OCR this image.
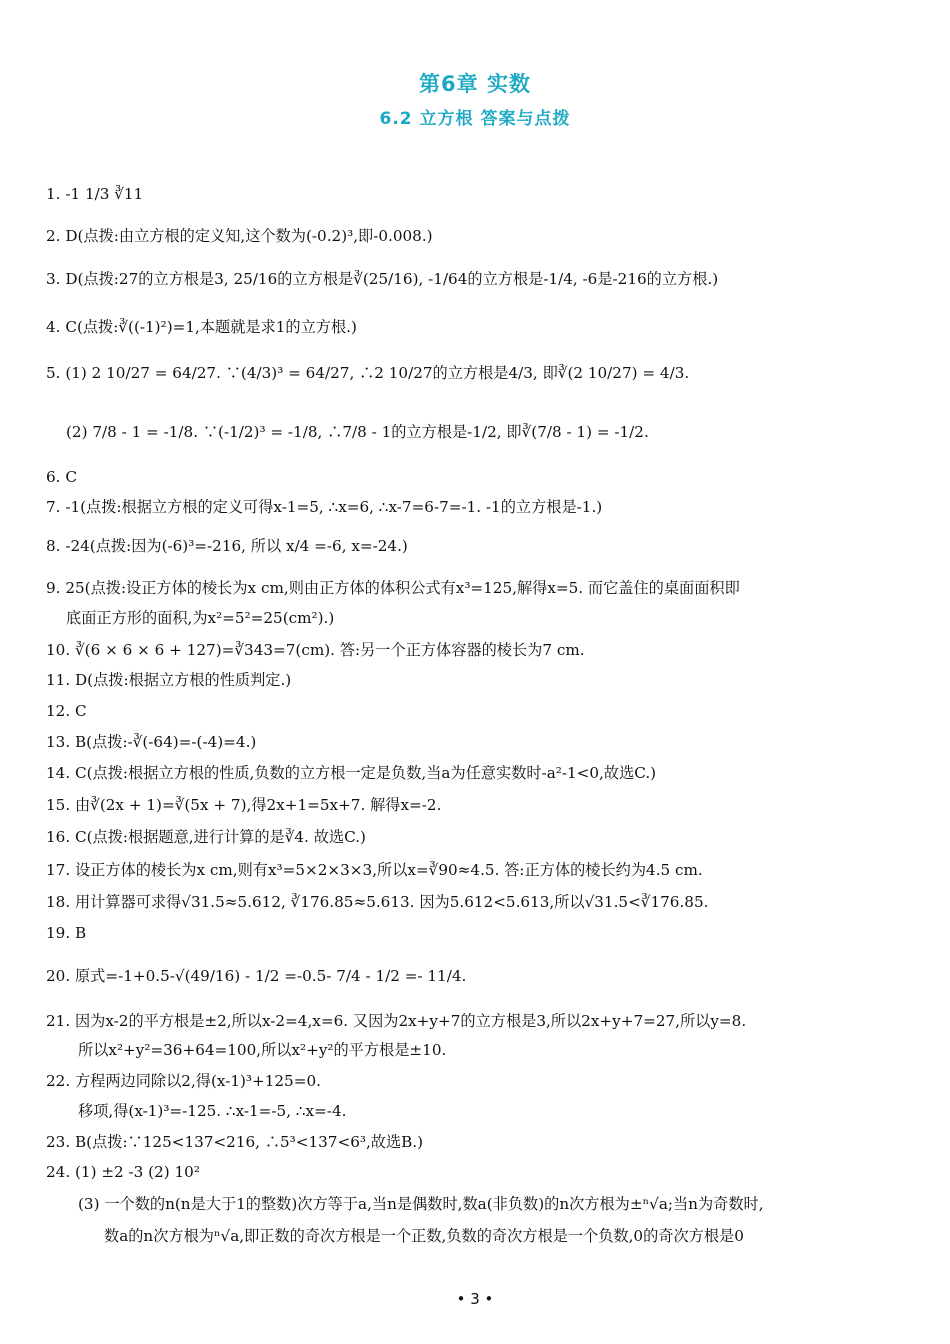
第6章 实数
6.2 立方根 答案与点拨
1. -1 1/3 ∛11
2. D(点拨:由立方根的定义知,这个数为(-0.2)³,即-0.008.)
3. D(点拨:27的立方根是3, 25/16的立方根是∛(25/16), -1/64的立方根是-1/4, -6是-216的立方根.)
4. C(点拨:∛((-1)²)=1,本题就是求1的立方根.)
5. (1) 2 10/27 = 64/27. ∵(4/3)³ = 64/27, ∴2 10/27的立方根是4/3, 即∛(2 10/27) = 4/3.
(2) 7/8 - 1 = -1/8. ∵(-1/2)³ = -1/8, ∴7/8 - 1的立方根是-1/2, 即∛(7/8 - 1) = -1/2.
6. C
7. -1(点拨:根据立方根的定义可得x-1=5, ∴x=6, ∴x-7=6-7=-1. -1的立方根是-1.)
8. -24(点拨:因为(-6)³=-216, 所以 x/4 =-6, x=-24.)
9. 25(点拨:设正方体的棱长为x cm,则由正方体的体积公式有x³=125,解得x=5. 而它盖住的桌面面积即
底面正方形的面积,为x²=5²=25(cm²).)
10. ∛(6 × 6 × 6 + 127)=∛343=7(cm). 答:另一个正方体容器的棱长为7 cm.
11. D(点拨:根据立方根的性质判定.)
12. C
13. B(点拨:-∛(-64)=-(-4)=4.)
14. C(点拨:根据立方根的性质,负数的立方根一定是负数,当a为任意实数时-a²-1<0,故选C.)
15. 由∛(2x + 1)=∛(5x + 7),得2x+1=5x+7. 解得x=-2.
16. C(点拨:根据题意,进行计算的是∛4. 故选C.)
17. 设正方体的棱长为x cm,则有x³=5×2×3×3,所以x=∛90≈4.5. 答:正方体的棱长约为4.5 cm.
18. 用计算器可求得√31.5≈5.612, ∛176.85≈5.613. 因为5.612<5.613,所以√31.5<∛176.85.
19. B
20. 原式=-1+0.5-√(49/16) - 1/2 =-0.5- 7/4 - 1/2 =- 11/4.
21. 因为x-2的平方根是±2,所以x-2=4,x=6. 又因为2x+y+7的立方根是3,所以2x+y+7=27,所以y=8.
所以x²+y²=36+64=100,所以x²+y²的平方根是±10.
22. 方程两边同除以2,得(x-1)³+125=0.
移项,得(x-1)³=-125. ∴x-1=-5, ∴x=-4.
23. B(点拨:∵125<137<216, ∴5³<137<6³,故选B.)
24. (1) ±2 -3 (2) 10²
(3) 一个数的n(n是大于1的整数)次方等于a,当n是偶数时,数a(非负数)的n次方根为±ⁿ√a;当n为奇数时,
数a的n次方根为ⁿ√a,即正数的奇次方根是一个正数,负数的奇次方根是一个负数,0的奇次方根是0
• 3 •
